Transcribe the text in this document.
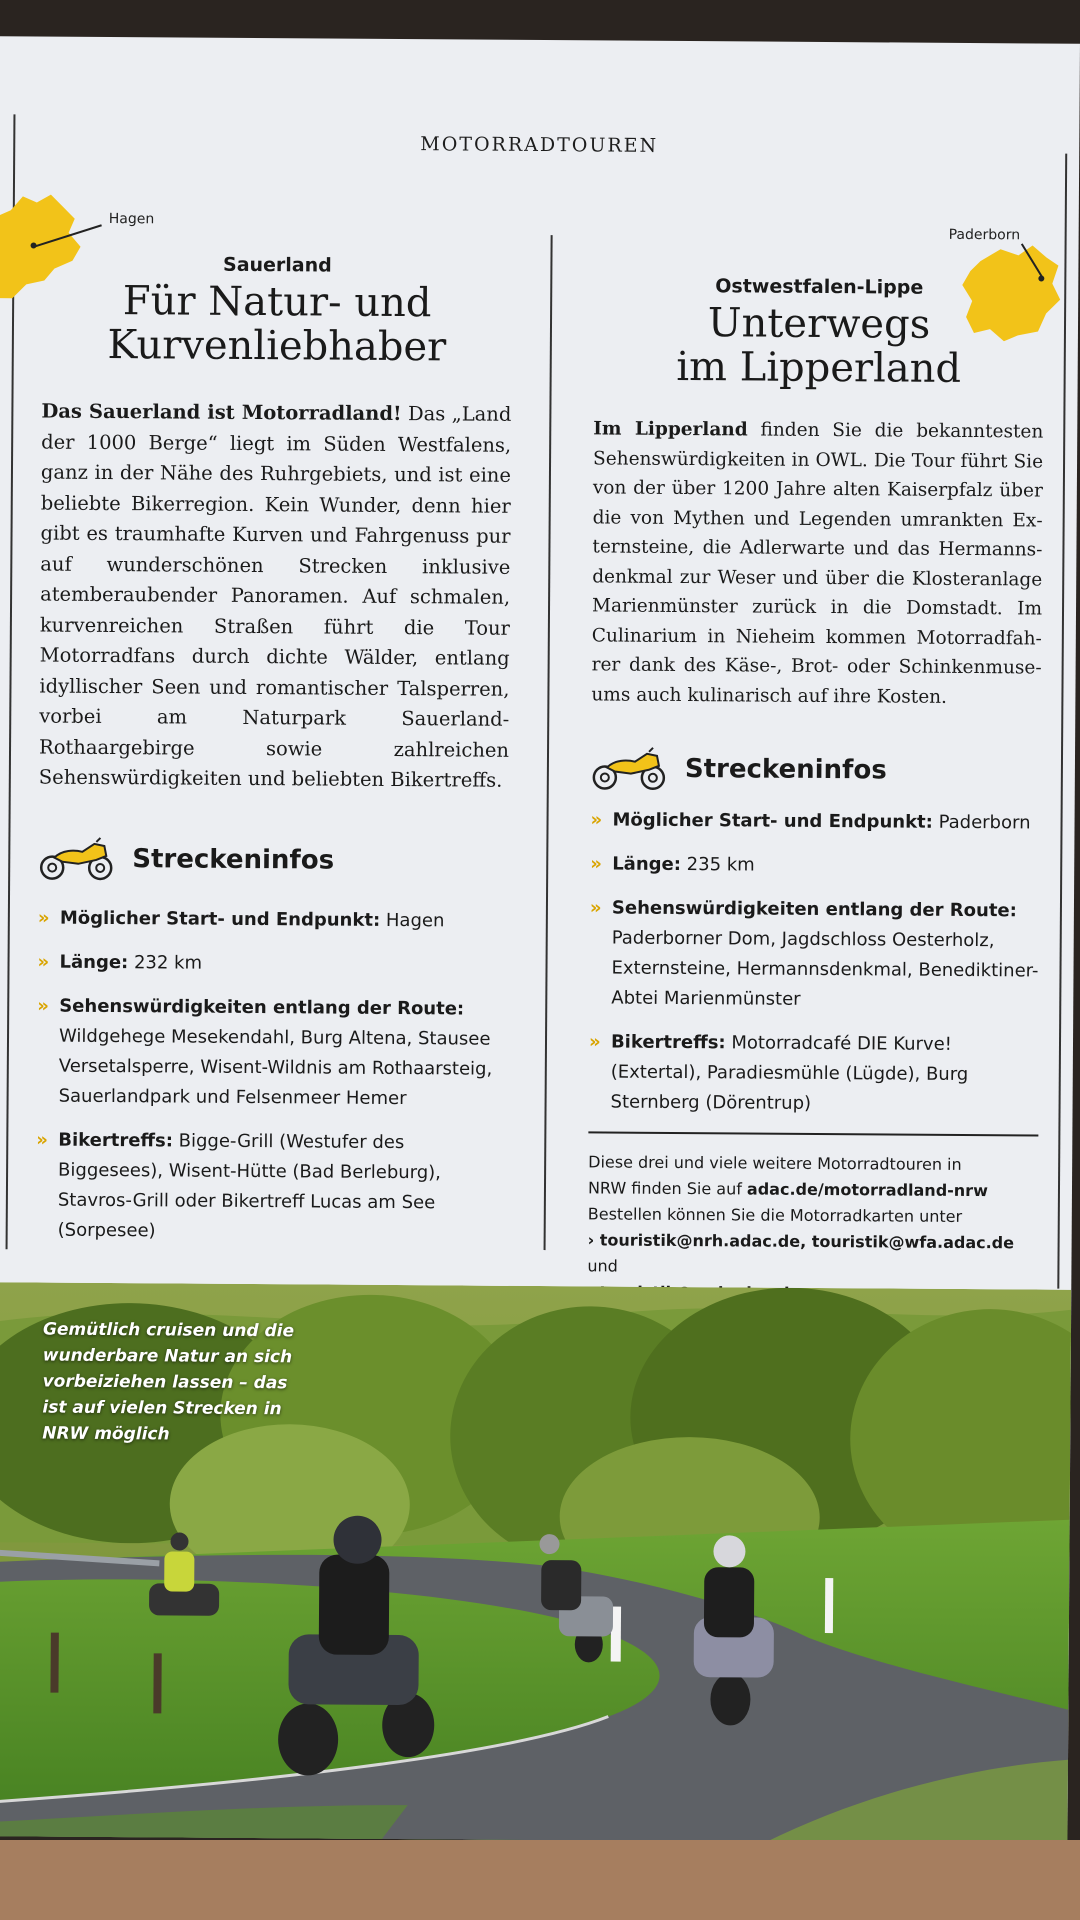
MOTORRADTOUREN
Hagen
Paderborn
Sauerland
Für Natur- und
Kurvenliebhaber
Das Sauerland ist Motorradland! Das „Land der 1000 Berge“ liegt im Süden Westfalens, ganz in der Nähe des Ruhrgebiets, und ist eine beliebte Bikerregion. Kein Wunder, denn hier gibt es traumhafte Kurven und Fahrgenuss pur auf wunderschönen Strecken inklusive atemberaubender Panoramen. Auf schmalen, kurvenreichen Straßen führt die Tour Motorradfans durch dichte Wälder, entlang idyllischer Seen und romantischer Talsperren, vorbei am Naturpark Sauerland-Rothaargebirge sowie zahlreichen Sehenswürdigkeiten und beliebten Bikertreffs.
Streckeninfos
» Möglicher Start- und Endpunkt: Hagen
» Länge: 232 km
» Sehenswürdigkeiten entlang der Route: Wildgehege Mesekendahl, Burg Altena, Stausee Versetalsperre, Wisent-Wildnis am Rothaarsteig, Sauerlandpark und Felsenmeer Hemer
» Bikertreffs: Bigge-Grill (Westufer des Biggesees), Wisent-Hütte (Bad Berleburg), Stavros-Grill oder Bikertreff Lucas am See (Sorpesee)
Ostwestfalen-Lippe
Unterwegs
im Lipperland
Im Lipperland finden Sie die bekanntesten Sehenswürdigkeiten in OWL. Die Tour führt Sie von der über 1200 Jahre alten Kaiserpfalz über die von Mythen und Legenden umrankten Externsteine, die Adlerwarte und das Hermannsdenkmal zur Weser und über die Klosteranlage Marienmünster zurück in die Domstadt. Im Culinarium in Nieheim kommen Motorradfahrer dank des Käse-, Brot- oder Schinkenmuseums auch kulinarisch auf ihre Kosten.
Streckeninfos
» Möglicher Start- und Endpunkt: Paderborn
» Länge: 235 km
» Sehenswürdigkeiten entlang der Route: Paderborner Dom, Jagdschloss Oesterholz, Externsteine, Hermannsdenkmal, Benediktiner-Abtei Marienmünster
» Bikertreffs: Motorradcafé DIE Kurve! (Extertal), Paradiesmühle (Lügde), Burg Sternberg (Dörentrup)
Diese drei und viele weitere Motorradtouren in
NRW finden Sie auf adac.de/motorradland-nrw
Bestellen können Sie die Motorradkarten unter
› touristik@nrh.adac.de, touristik@wfa.adac.de und
Gemütlich cruisen und die wunderbare Natur an sich vorbeiziehen lassen – das ist auf vielen Strecken in NRW möglich
